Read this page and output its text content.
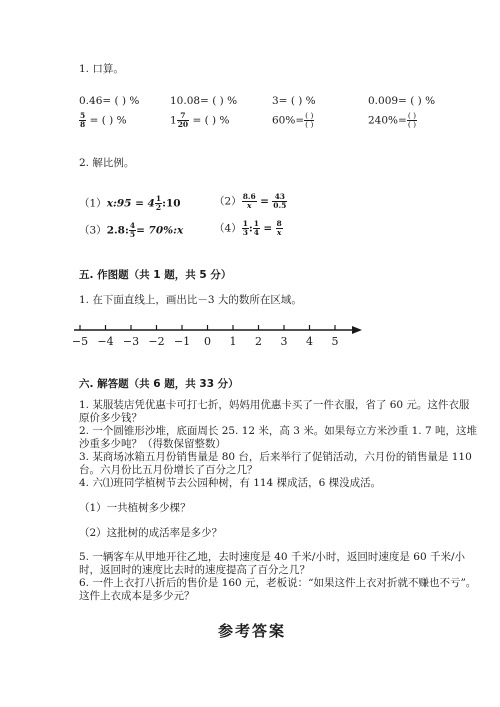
1. 口算。
0.46= ( ) %	10.08= ( ) %	3= ( ) %	0.009= ( ) %
$\frac{5}{8}$ = ( ) %	$1 \frac{7}{20}$ = ( ) %	$60\%= \frac{( )}{( )}$	$240\%= \frac{( )}{( )}$
2. 解比例。
（1）x:95 = $4 \frac{1}{2}$ :10	$(2) \frac{8.6}{x} = \frac{43}{0.5}$
（3）2.8: $\frac{4}{5}$ = 70%:x	$(4) \frac{1}{3}$ : $\frac{1}{4} = \frac{8}{x}$
五. 作图题（共 1 题，共 5 分）
1. 在下面直线上，画出比－3 大的数所在区域。
−5 −4 −3 −2 −1 0 1 2 3 4 5
六. 解答题（共 6 题，共 33 分）
1. 某服装店凭优惠卡可打七折，妈妈用优惠卡买了一件衣服，省了 60 元。这件衣服原价多少钱？
2. 一个圆锥形沙堆，底面周长 25. 12 米，高 3 米。如果每立方米沙重 1. 7 吨，这堆沙重多少吨？（得数保留整数）
3. 某商场冰箱五月份销售量是 80 台，后来举行了促销活动，六月份的销售量是 110 台。六月份比五月份增长了百分之几？
4. 六⑴班同学植树节去公园种树，有 114 棵成活，6 棵没成活。
（1）一共植树多少棵？
（2）这批树的成活率是多少？
5. 一辆客车从甲地开往乙地，去时速度是 40 千米/小时，返回时速度是 60 千米/小时，返回时的速度比去时的速度提高了百分之几？
6. 一件上衣打八折后的售价是 160 元，老板说：“如果这件上衣对折就不赚也不亏”。这件上衣成本是多少元？
参考答案
